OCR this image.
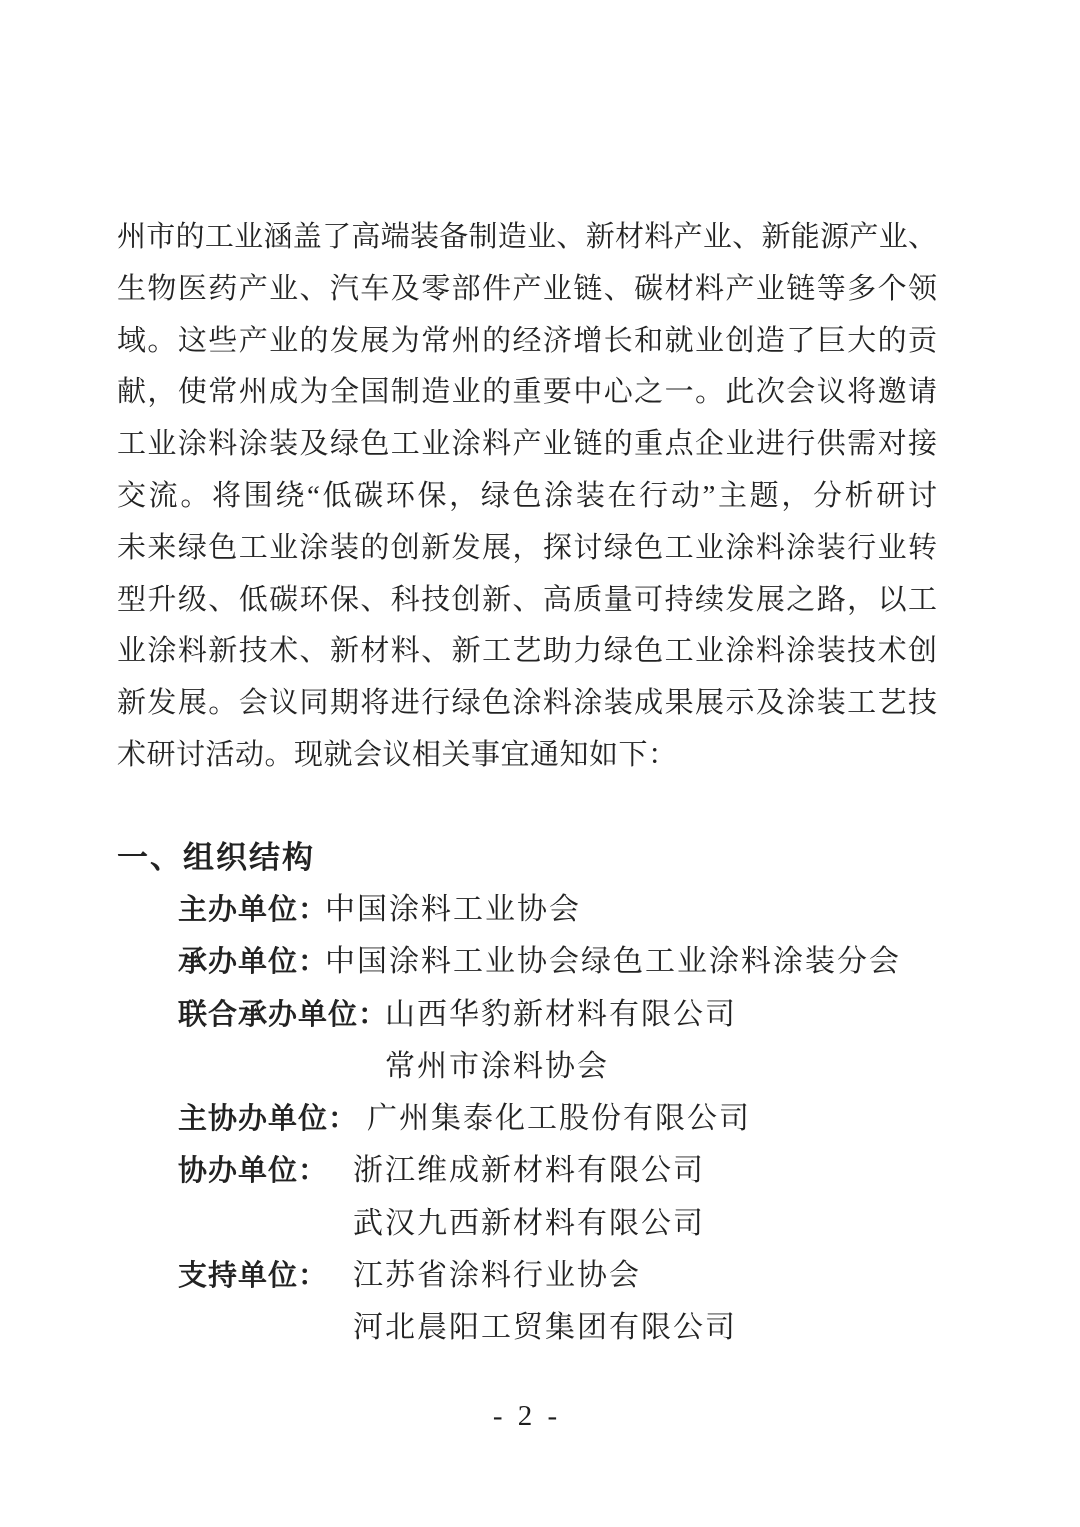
州市的工业涵盖了高端装备制造业、新材料产业、新能源产业、
生物医药产业、汽车及零部件产业链、碳材料产业链等多个领
域。这些产业的发展为常州的经济增长和就业创造了巨大的贡
献，使常州成为全国制造业的重要中心之一。此次会议将邀请
工业涂料涂装及绿色工业涂料产业链的重点企业进行供需对接
交流。将围绕“低碳环保，绿色涂装在行动”主题，分析研讨
未来绿色工业涂装的创新发展，探讨绿色工业涂料涂装行业转
型升级、低碳环保、科技创新、高质量可持续发展之路，以工
业涂料新技术、新材料、新工艺助力绿色工业涂料涂装技术创
新发展。会议同期将进行绿色涂料涂装成果展示及涂装工艺技
术研讨活动。现就会议相关事宜通知如下：
一、组织结构
主办单位：
中国涂料工业协会
承办单位：
中国涂料工业协会绿色工业涂料涂装分会
联合承办单位：
山西华豹新材料有限公司
常州市涂料协会
主协办单位： 广州集泰化工股份有限公司
协办单位： 浙江维成新材料有限公司
武汉九西新材料有限公司
支持单位： 江苏省涂料行业协会
河北晨阳工贸集团有限公司
- 2 -
